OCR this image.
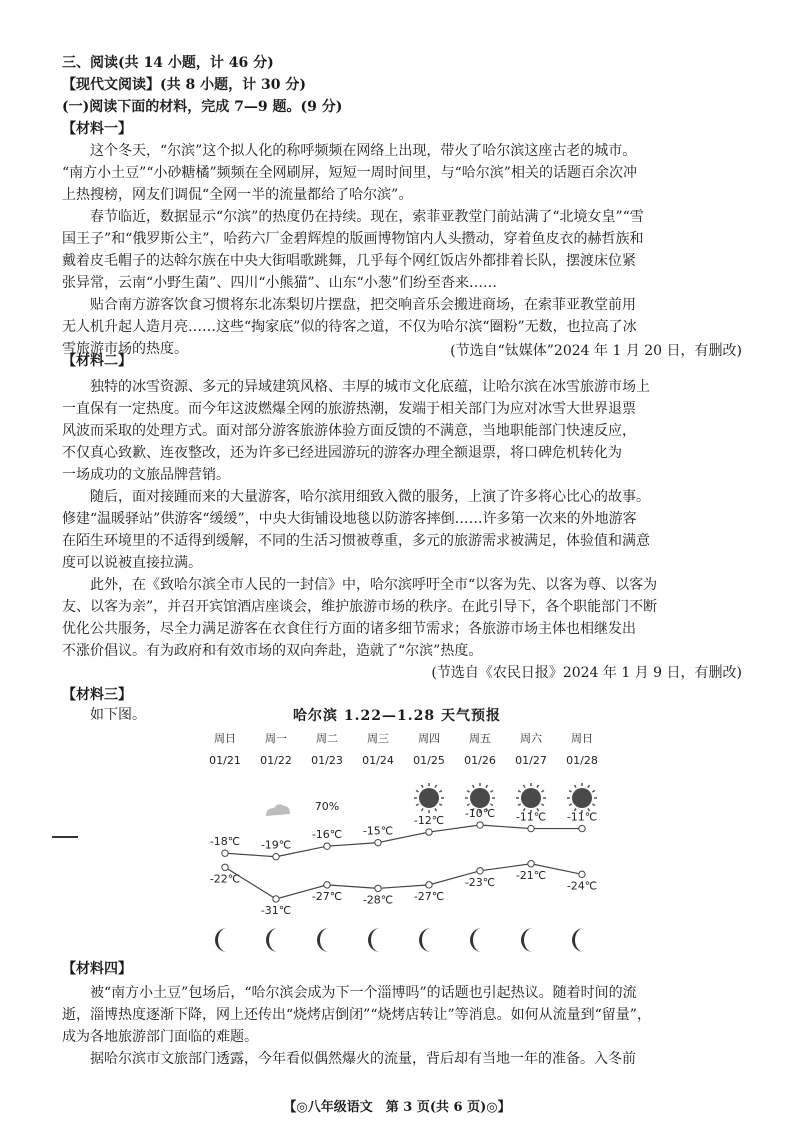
三、阅读(共 14 小题，计 46 分)
【现代文阅读】(共 8 小题，计 30 分)
(一)阅读下面的材料，完成 7—9 题。(9 分)
【材料一】
这个冬天，“尔滨”这个拟人化的称呼频频在网络上出现，带火了哈尔滨这座古老的城市。
“南方小土豆”“小砂糖橘”频频在全网刷屏，短短一周时间里，与“哈尔滨”相关的话题百余次冲
上热搜榜，网友们调侃“全网一半的流量都给了哈尔滨”。
春节临近，数据显示“尔滨”的热度仍在持续。现在，索菲亚教堂门前站满了“北境女皇”“雪
国王子”和“俄罗斯公主”，哈药六厂金碧辉煌的版画博物馆内人头攒动，穿着鱼皮衣的赫哲族和
戴着皮毛帽子的达斡尔族在中央大街唱歌跳舞，几乎每个网红饭店外都排着长队，摆渡床位紧
张异常，云南“小野生菌”、四川“小熊猫”、山东“小葱”们纷至沓来……
贴合南方游客饮食习惯将东北冻梨切片摆盘，把交响音乐会搬进商场，在索菲亚教堂前用
无人机升起人造月亮……这些“掏家底”似的待客之道，不仅为哈尔滨“圈粉”无数，也拉高了冰
雪旅游市场的热度。	(节选自“钛媒体”2024 年 1 月 20 日，有删改)
【材料二】
独特的冰雪资源、多元的异域建筑风格、丰厚的城市文化底蕴，让哈尔滨在冰雪旅游市场上
一直保有一定热度。而今年这波燃爆全网的旅游热潮，发端于相关部门为应对冰雪大世界退票
风波而采取的处理方式。面对部分游客旅游体验方面反馈的不满意，当地职能部门快速反应，
不仅真心致歉、连夜整改，还为许多已经进园游玩的游客办理全额退票，将口碑危机转化为
一场成功的文旅品牌营销。
随后，面对接踵而来的大量游客，哈尔滨用细致入微的服务，上演了许多将心比心的故事。
修建“温暖驿站”供游客“缓缓”，中央大街铺设地毯以防游客摔倒……许多第一次来的外地游客
在陌生环境里的不适得到缓解，不同的生活习惯被尊重，多元的旅游需求被满足，体验值和满意
度可以说被直接拉满。
此外，在《致哈尔滨全市人民的一封信》中，哈尔滨呼吁全市“以客为先、以客为尊、以客为
友、以客为亲”，并召开宾馆酒店座谈会，维护旅游市场的秩序。在此引导下，各个职能部门不断
优化公共服务，尽全力满足游客在衣食住行方面的诸多细节需求；各旅游市场主体也相继发出
不涨价倡议。有为政府和有效市场的双向奔赴，造就了“尔滨”热度。
(节选自《农民日报》2024 年 1 月 9 日，有删改)
【材料三】
如下图。	哈尔滨 1.22—1.28 天气预报
周日
01/21
周一
01/22
周二
01/23
70%
周三
01/24
周四
01/25
周五
01/26
周六
01/27
周日
01/28
-18℃ -19℃
-16℃ -15℃
-12℃
-10℃ -11℃ -11℃
-22℃
-31℃
-27℃ -28℃ -27℃
-23℃
-21℃
-24℃
【材料四】
被“南方小土豆”包场后，“哈尔滨会成为下一个淄博吗”的话题也引起热议。随着时间的流
逝，淄博热度逐渐下降，网上还传出“烧烤店倒闭”“烧烤店转让”等消息。如何从流量到“留量”，
成为各地旅游部门面临的难题。
据哈尔滨市文旅部门透露，今年看似偶然爆火的流量，背后却有当地一年的准备。入冬前
【◎八年级语文　第 3 页(共 6 页)◎】
